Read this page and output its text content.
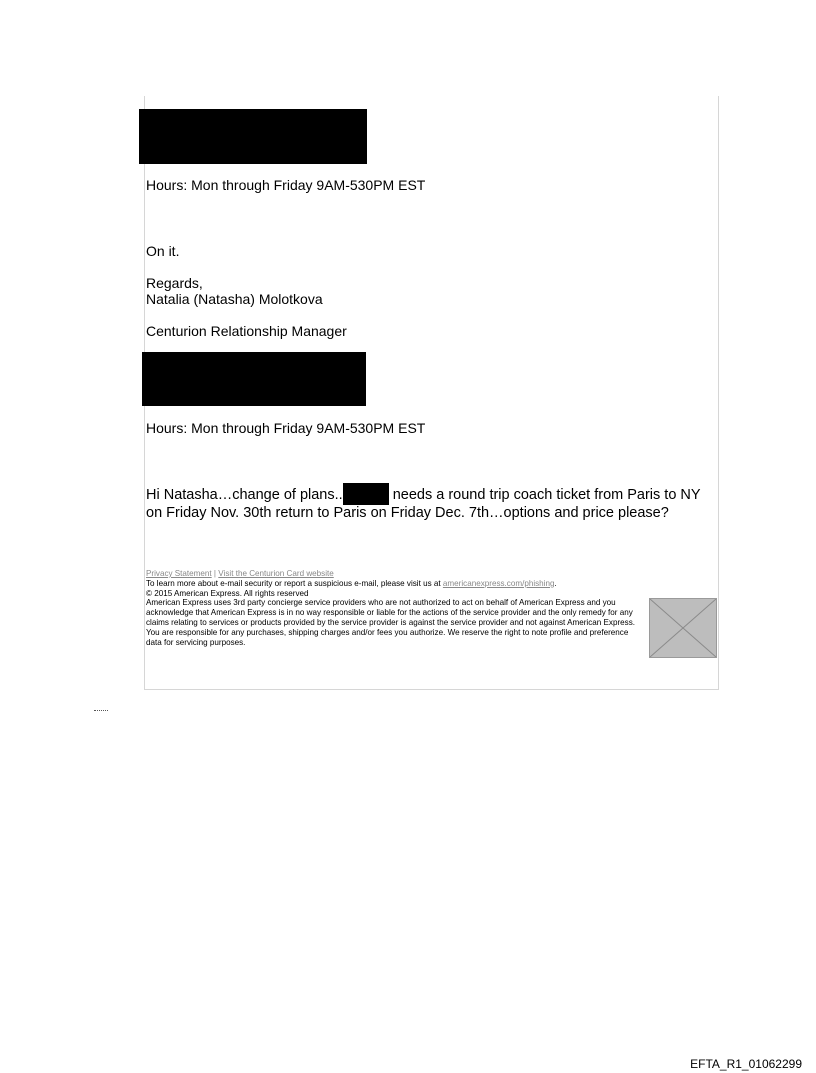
Hours: Mon through Friday 9AM-530PM EST
On it.
Regards,
Natalia (Natasha) Molotkova
Centurion Relationship Manager
Hours: Mon through Friday 9AM-530PM EST
Hi Natasha…change of plans..	needs a round trip coach ticket from Paris to NY on Friday Nov. 30th return to Paris on Friday Dec. 7th…options and price please?
Privacy Statement | Visit the Centurion Card website
To learn more about e-mail security or report a suspicious e-mail, please visit us at americanexpress.com/phishing.
© 2015 American Express. All rights reserved
American Express uses 3rd party concierge service providers who are not authorized to act on behalf of American Express and you acknowledge that American Express is in no way responsible or liable for the actions of the service provider and the only remedy for any claims relating to services or products provided by the service provider is against the service provider and not against American Express. You are responsible for any purchases, shipping charges and/or fees you authorize. We reserve the right to note profile and preference data for servicing purposes.
EFTA_R1_01062299
